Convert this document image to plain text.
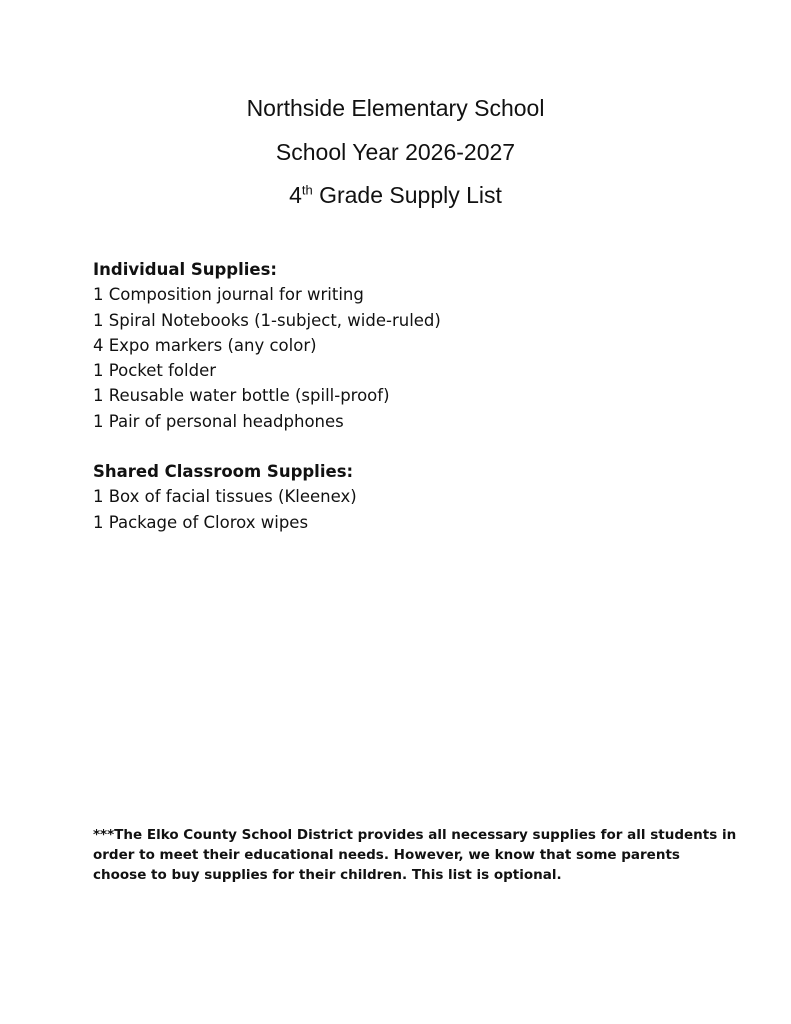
Northside Elementary School
School Year 2026-2027
4th Grade Supply List
Individual Supplies:
1 Composition journal for writing
1 Spiral Notebooks (1-subject, wide-ruled)
4 Expo markers (any color)
1 Pocket folder
1 Reusable water bottle (spill-proof)
1 Pair of personal headphones
Shared Classroom Supplies:
1 Box of facial tissues (Kleenex)
1 Package of Clorox wipes

***The Elko County School District provides all necessary supplies for all students in

order to meet their educational needs. However, we know that some parents

choose to buy supplies for their children. This list is optional.
